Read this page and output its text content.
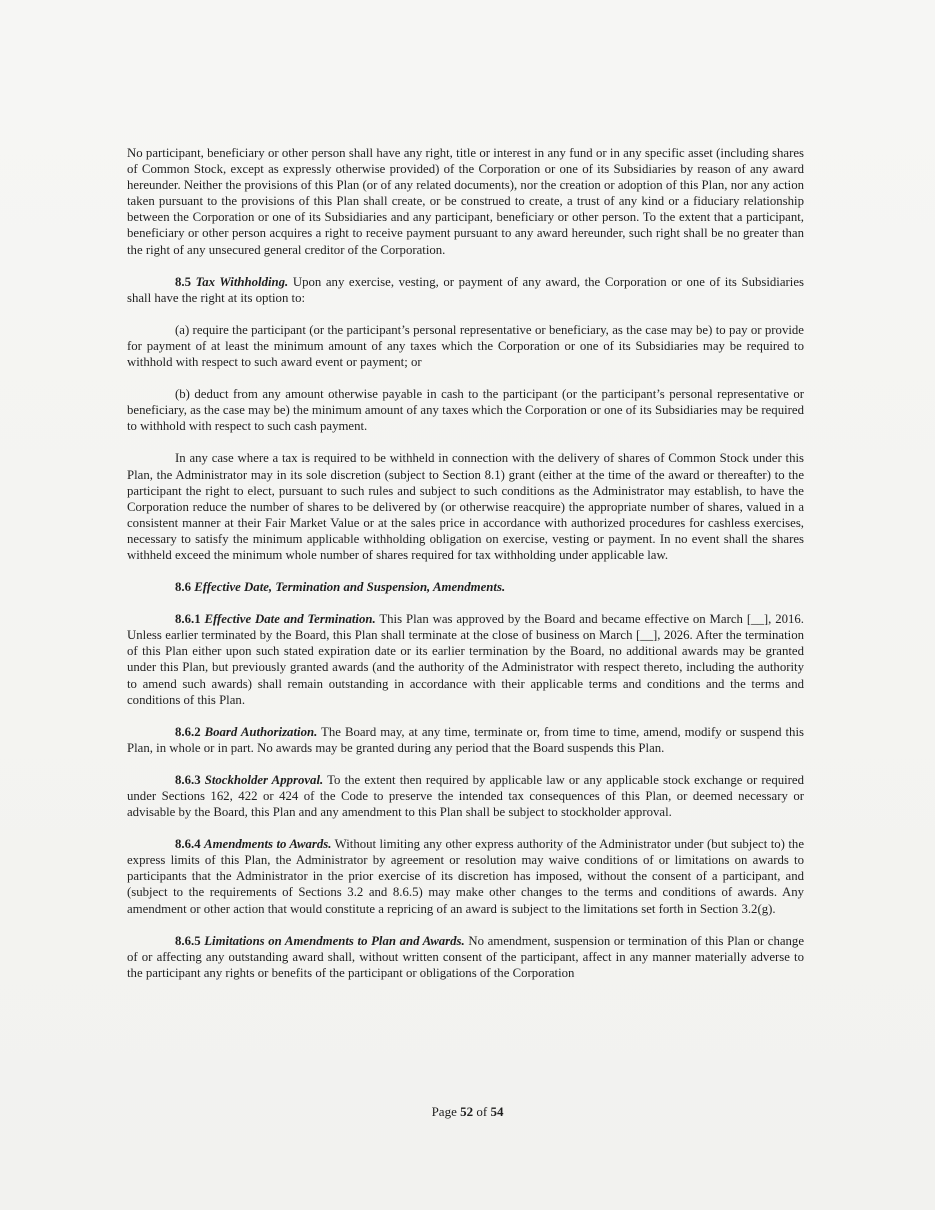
No participant, beneficiary or other person shall have any right, title or interest in any fund or in any specific asset (including shares of Common Stock, except as expressly otherwise provided) of the Corporation or one of its Subsidiaries by reason of any award hereunder. Neither the provisions of this Plan (or of any related documents), nor the creation or adoption of this Plan, nor any action taken pursuant to the provisions of this Plan shall create, or be construed to create, a trust of any kind or a fiduciary relationship between the Corporation or one of its Subsidiaries and any participant, beneficiary or other person. To the extent that a participant, beneficiary or other person acquires a right to receive payment pursuant to any award hereunder, such right shall be no greater than the right of any unsecured general creditor of the Corporation.

8.5 Tax Withholding. Upon any exercise, vesting, or payment of any award, the Corporation or one of its Subsidiaries shall have the right at its option to:

(a) require the participant (or the participant’s personal representative or beneficiary, as the case may be) to pay or provide for payment of at least the minimum amount of any taxes which the Corporation or one of its Subsidiaries may be required to withhold with respect to such award event or payment; or

(b) deduct from any amount otherwise payable in cash to the participant (or the participant’s personal representative or beneficiary, as the case may be) the minimum amount of any taxes which the Corporation or one of its Subsidiaries may be required to withhold with respect to such cash payment.

In any case where a tax is required to be withheld in connection with the delivery of shares of Common Stock under this Plan, the Administrator may in its sole discretion (subject to Section 8.1) grant (either at the time of the award or thereafter) to the participant the right to elect, pursuant to such rules and subject to such conditions as the Administrator may establish, to have the Corporation reduce the number of shares to be delivered by (or otherwise reacquire) the appropriate number of shares, valued in a consistent manner at their Fair Market Value or at the sales price in accordance with authorized procedures for cashless exercises, necessary to satisfy the minimum applicable withholding obligation on exercise, vesting or payment. In no event shall the shares withheld exceed the minimum whole number of shares required for tax withholding under applicable law.

8.6 Effective Date, Termination and Suspension, Amendments.

8.6.1 Effective Date and Termination. This Plan was approved by the Board and became effective on March [__], 2016. Unless earlier terminated by the Board, this Plan shall terminate at the close of business on March [__], 2026. After the termination of this Plan either upon such stated expiration date or its earlier termination by the Board, no additional awards may be granted under this Plan, but previously granted awards (and the authority of the Administrator with respect thereto, including the authority to amend such awards) shall remain outstanding in accordance with their applicable terms and conditions and the terms and conditions of this Plan.

8.6.2 Board Authorization. The Board may, at any time, terminate or, from time to time, amend, modify or suspend this Plan, in whole or in part. No awards may be granted during any period that the Board suspends this Plan.

8.6.3 Stockholder Approval. To the extent then required by applicable law or any applicable stock exchange or required under Sections 162, 422 or 424 of the Code to preserve the intended tax consequences of this Plan, or deemed necessary or advisable by the Board, this Plan and any amendment to this Plan shall be subject to stockholder approval.

8.6.4 Amendments to Awards. Without limiting any other express authority of the Administrator under (but subject to) the express limits of this Plan, the Administrator by agreement or resolution may waive conditions of or limitations on awards to participants that the Administrator in the prior exercise of its discretion has imposed, without the consent of a participant, and (subject to the requirements of Sections 3.2 and 8.6.5) may make other changes to the terms and conditions of awards. Any amendment or other action that would constitute a repricing of an award is subject to the limitations set forth in Section 3.2(g).

8.6.5 Limitations on Amendments to Plan and Awards. No amendment, suspension or termination of this Plan or change of or affecting any outstanding award shall, without written consent of the participant, affect in any manner materially adverse to the participant any rights or benefits of the participant or obligations of the Corporation

Page 52 of 54
